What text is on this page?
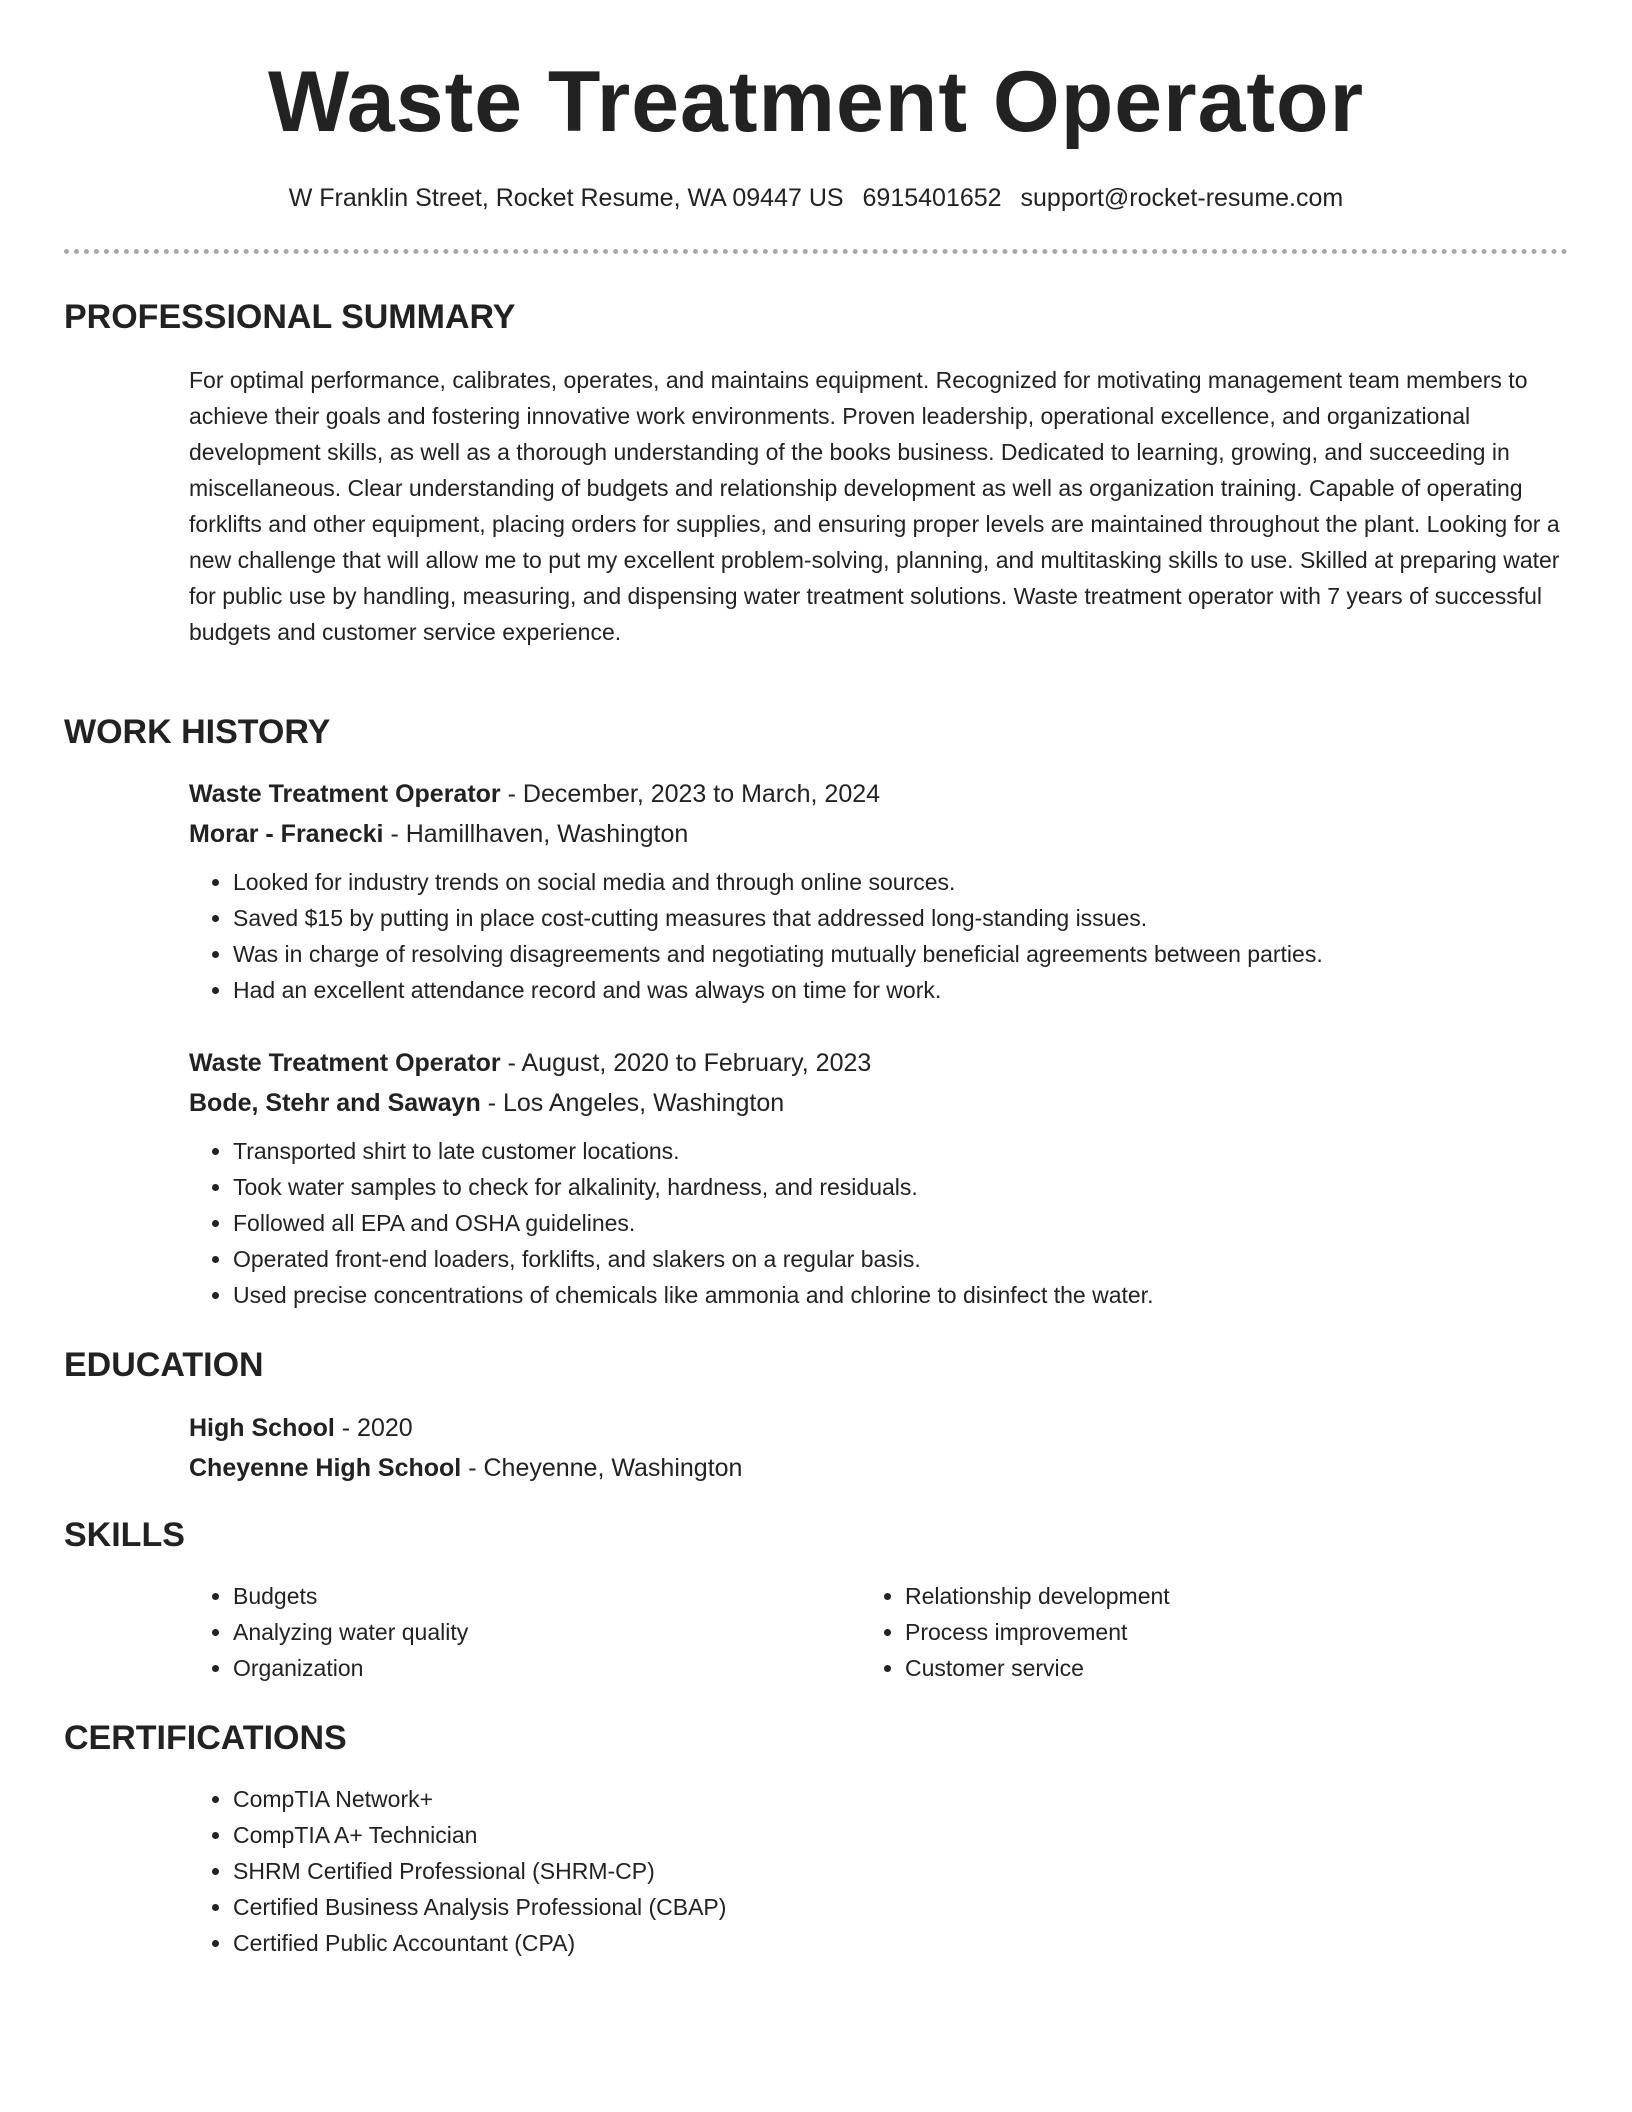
Waste Treatment Operator
W Franklin Street, Rocket Resume, WA 09447 US 6915401652 support@rocket-resume.com
PROFESSIONAL SUMMARY

For optimal performance, calibrates, operates, and maintains equipment. Recognized for motivating management team members to achieve their goals and fostering innovative work environments. Proven leadership, operational excellence, and organizational development skills, as well as a thorough understanding of the books business. Dedicated to learning, growing, and succeeding in miscellaneous. Clear understanding of budgets and relationship development as well as organization training. Capable of operating forklifts and other equipment, placing orders for supplies, and ensuring proper levels are maintained throughout the plant. Looking for a new challenge that will allow me to put my excellent problem-solving, planning, and multitasking skills to use. Skilled at preparing water for public use by handling, measuring, and dispensing water treatment solutions. Waste treatment operator with 7 years of successful budgets and customer service experience.

WORK HISTORY

Waste Treatment Operator - December, 2023 to March, 2024

Morar - Franecki - Hamillhaven, Washington

• Looked for industry trends on social media and through online sources.
• Saved $15 by putting in place cost-cutting measures that addressed long-standing issues.
• Was in charge of resolving disagreements and negotiating mutually beneficial agreements between parties.
• Had an excellent attendance record and was always on time for work.

Waste Treatment Operator - August, 2020 to February, 2023

Bode, Stehr and Sawayn - Los Angeles, Washington

• Transported shirt to late customer locations.
• Took water samples to check for alkalinity, hardness, and residuals.
• Followed all EPA and OSHA guidelines.
• Operated front-end loaders, forklifts, and slakers on a regular basis.
• Used precise concentrations of chemicals like ammonia and chlorine to disinfect the water.
EDUCATION

High School - 2020

Cheyenne High School - Cheyenne, Washington

SKILLS
• Budgets
• Analyzing water quality
• Organization
• Relationship development
• Process improvement
• Customer service
CERTIFICATIONS
• CompTIA Network+
• CompTIA A+ Technician
• SHRM Certified Professional (SHRM-CP)
• Certified Business Analysis Professional (CBAP)
• Certified Public Accountant (CPA)
